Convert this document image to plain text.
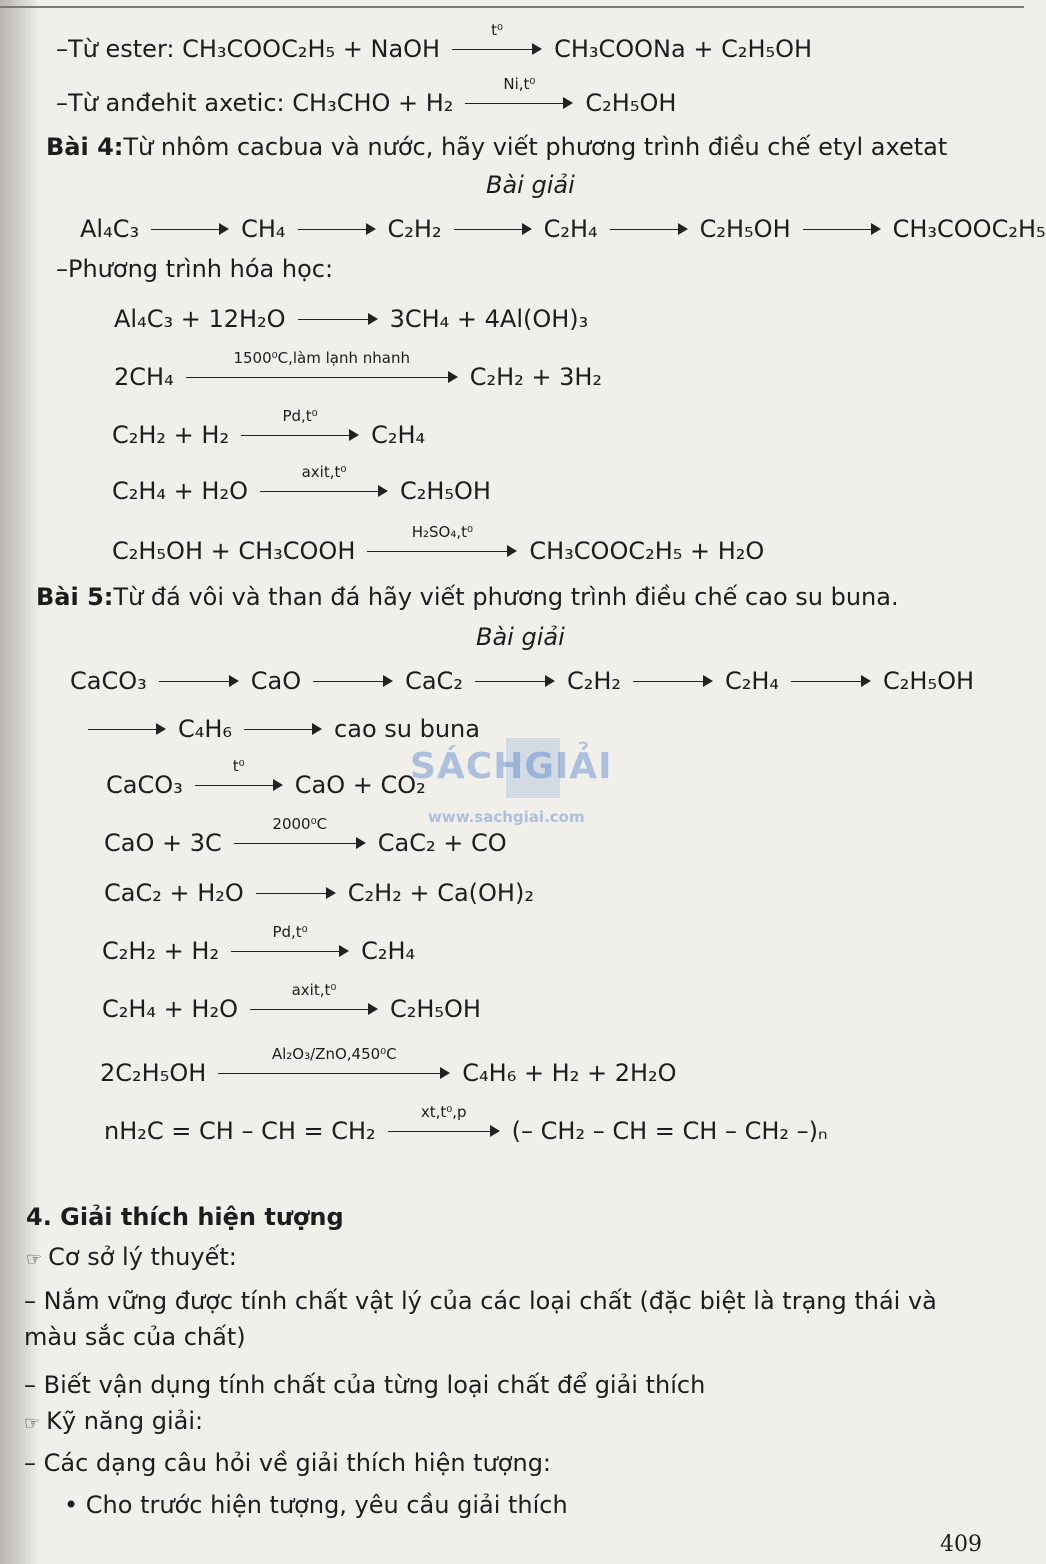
–Từ ester: CH₃COOC₂H₅ + NaOH
t⁰
CH₃COONa + C₂H₅OH
–Từ anđehit axetic: CH₃CHO + H₂
Ni,t⁰
C₂H₅OH
Bài 4:Từ nhôm cacbua và nước, hãy viết phương trình điều chế etyl axetat
Bài giải
Al₄C₃	CH₄	C₂H₂	C₂H₄	C₂H₅OH	CH₃COOC₂H₅
–Phương trình hóa học:
Al₄C₃ + 12H₂O	3CH₄ + 4Al(OH)₃
2CH₄
1500⁰C,làm lạnh nhanh
C₂H₂ + 3H₂
C₂H₂ + H₂
Pd,t⁰
C₂H₄
C₂H₄ + H₂O
axit,t⁰
C₂H₅OH
C₂H₅OH + CH₃COOH
H₂SO₄,t⁰
CH₃COOC₂H₅ + H₂O
Bài 5:Từ đá vôi và than đá hãy viết phương trình điều chế cao su buna.
Bài giải
CaCO₃	CaO	CaC₂	C₂H₂	C₂H₄	C₂H₅OH
C₄H₆	cao su buna
CaCO₃
t⁰
CaO + CO₂
CaO + 3C
2000⁰C
CaC₂ + CO
CaC₂ + H₂O	C₂H₂ + Ca(OH)₂
C₂H₂ + H₂
Pd,t⁰
C₂H₄
C₂H₄ + H₂O
axit,t⁰
C₂H₅OH
2C₂H₅OH
Al₂O₃/ZnO,450⁰C
C₄H₆ + H₂ + 2H₂O
nH₂C = CH – CH = CH₂
xt,t⁰,p
(– CH₂ – CH = CH – CH₂ –)ₙ
4. Giải thích hiện tượng
☞ Cơ sở lý thuyết:
– Nắm vững được tính chất vật lý của các loại chất (đặc biệt là trạng thái và
màu sắc của chất)
– Biết vận dụng tính chất của từng loại chất để giải thích
☞ Kỹ năng giải:
– Các dạng câu hỏi về giải thích hiện tượng:
• Cho trước hiện tượng, yêu cầu giải thích
SÁCHGIẢI
www.sachgiai.com
409
